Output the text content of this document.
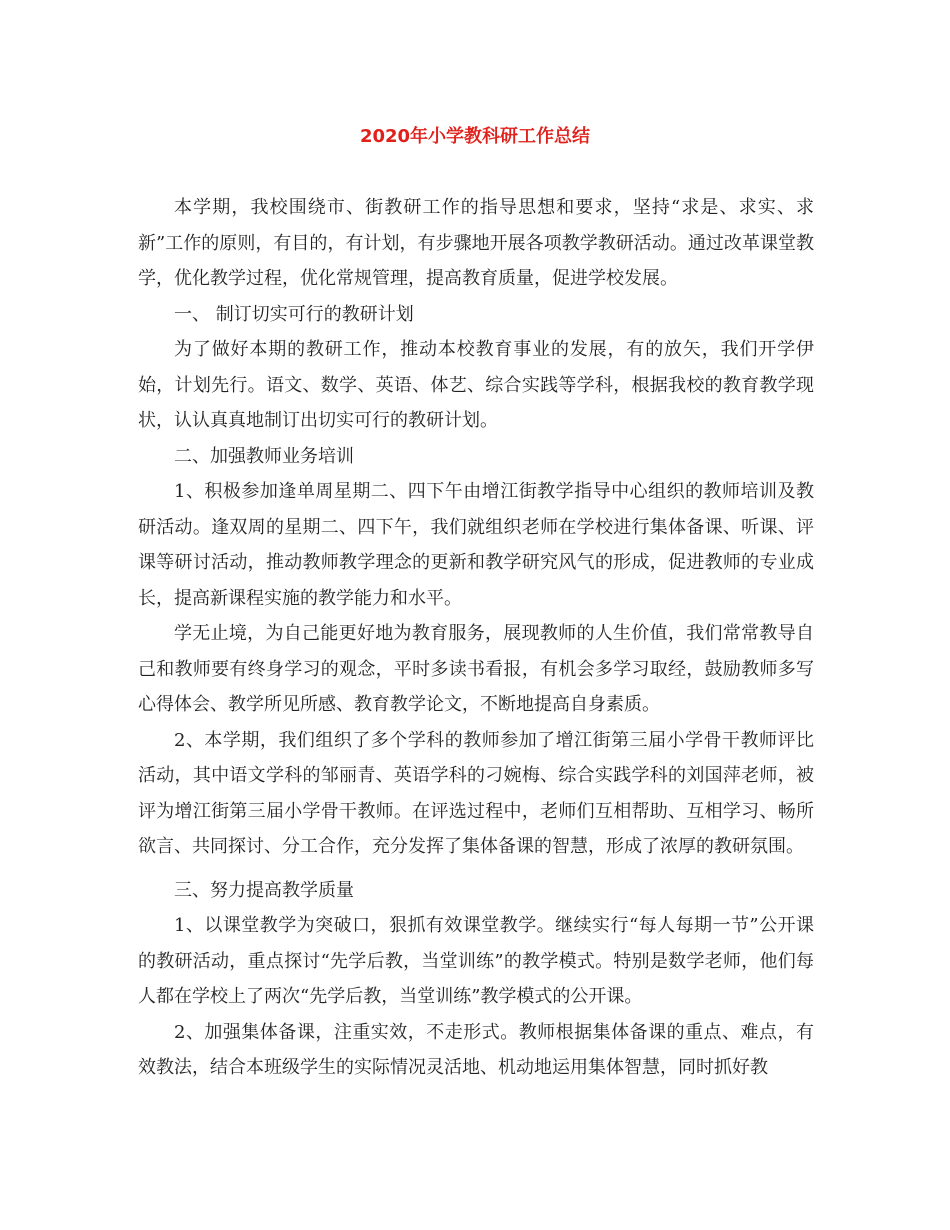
2020年小学教科研工作总结

本学期，我校围绕市、街教研工作的指导思想和要求，坚持“求是、求实、求新”工作的原则，有目的，有计划，有步骤地开展各项教学教研活动。通过改革课堂教学，优化教学过程，优化常规管理，提高教育质量，促进学校发展。

一、 制订切实可行的教研计划

为了做好本期的教研工作，推动本校教育事业的发展，有的放矢，我们开学伊始，计划先行。语文、数学、英语、体艺、综合实践等学科，根据我校的教育教学现状，认认真真地制订出切实可行的教研计划。

二、加强教师业务培训

1、积极参加逢单周星期二、四下午由增江街教学指导中心组织的教师培训及教研活动。逢双周的星期二、四下午，我们就组织老师在学校进行集体备课、听课、评课等研讨活动，推动教师教学理念的更新和教学研究风气的形成，促进教师的专业成长，提高新课程实施的教学能力和水平。

学无止境，为自己能更好地为教育服务，展现教师的人生价值，我们常常教导自己和教师要有终身学习的观念，平时多读书看报，有机会多学习取经，鼓励教师多写心得体会、教学所见所感、教育教学论文，不断地提高自身素质。

2、本学期，我们组织了多个学科的教师参加了增江街第三届小学骨干教师评比活动，其中语文学科的邹丽青、英语学科的刁婉梅、综合实践学科的刘国萍老师，被评为增江街第三届小学骨干教师。在评选过程中，老师们互相帮助、互相学习、畅所欲言、共同探讨、分工合作，充分发挥了集体备课的智慧，形成了浓厚的教研氛围。

三、努力提高教学质量

1、以课堂教学为突破口，狠抓有效课堂教学。继续实行“每人每期一节”公开课的教研活动，重点探讨“先学后教，当堂训练”的教学模式。特别是数学老师，他们每人都在学校上了两次“先学后教，当堂训练”教学模式的公开课。

2、加强集体备课，注重实效，不走形式。教师根据集体备课的重点、难点，有效教法，结合本班级学生的实际情况灵活地、机动地运用集体智慧，同时抓好教
